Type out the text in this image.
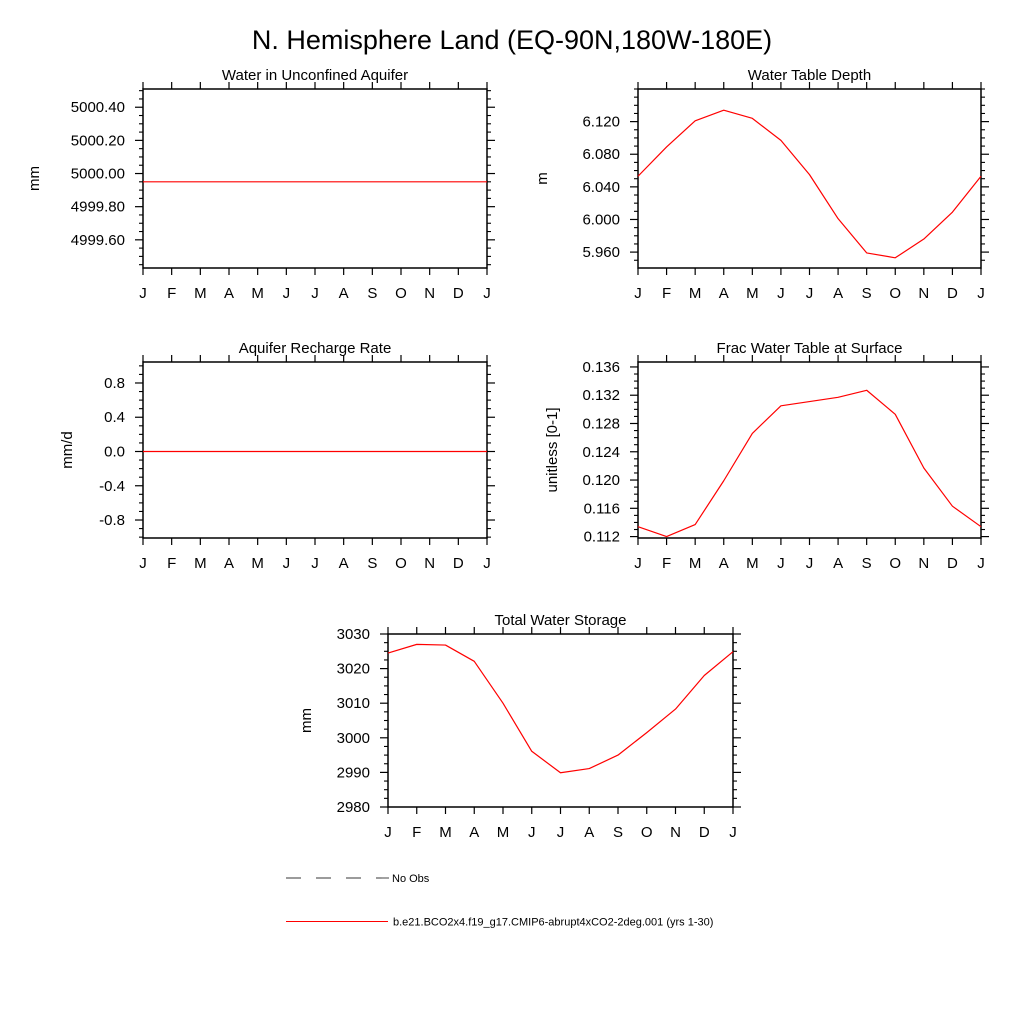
N. Hemisphere Land (EQ-90N,180W-180E)
J F M A M J J A S O N D J
4999.60
4999.80
5000.00
5000.20
5000.40
Water in Unconfined Aquifer
mm
J F M A M J J A S O N D J
5.960
6.000
6.040
6.080
6.120
Water Table Depth
m
J F M A M J J A S O N D J
-0.8
-0.4
0.0
0.4
0.8
Aquifer Recharge Rate
mm/d
J F M A M J J A S O N D J
0.112
0.116
0.120
0.124
0.128
0.132
0.136
Frac Water Table at Surface
unitless [0-1]
J F M A M J J A S O N D J
2980
2990
3000
3010
3020
3030
Total Water Storage
mm
No Obs
b.e21.BCO2x4.f19_g17.CMIP6-abrupt4xCO2-2deg.001 (yrs 1-30)
